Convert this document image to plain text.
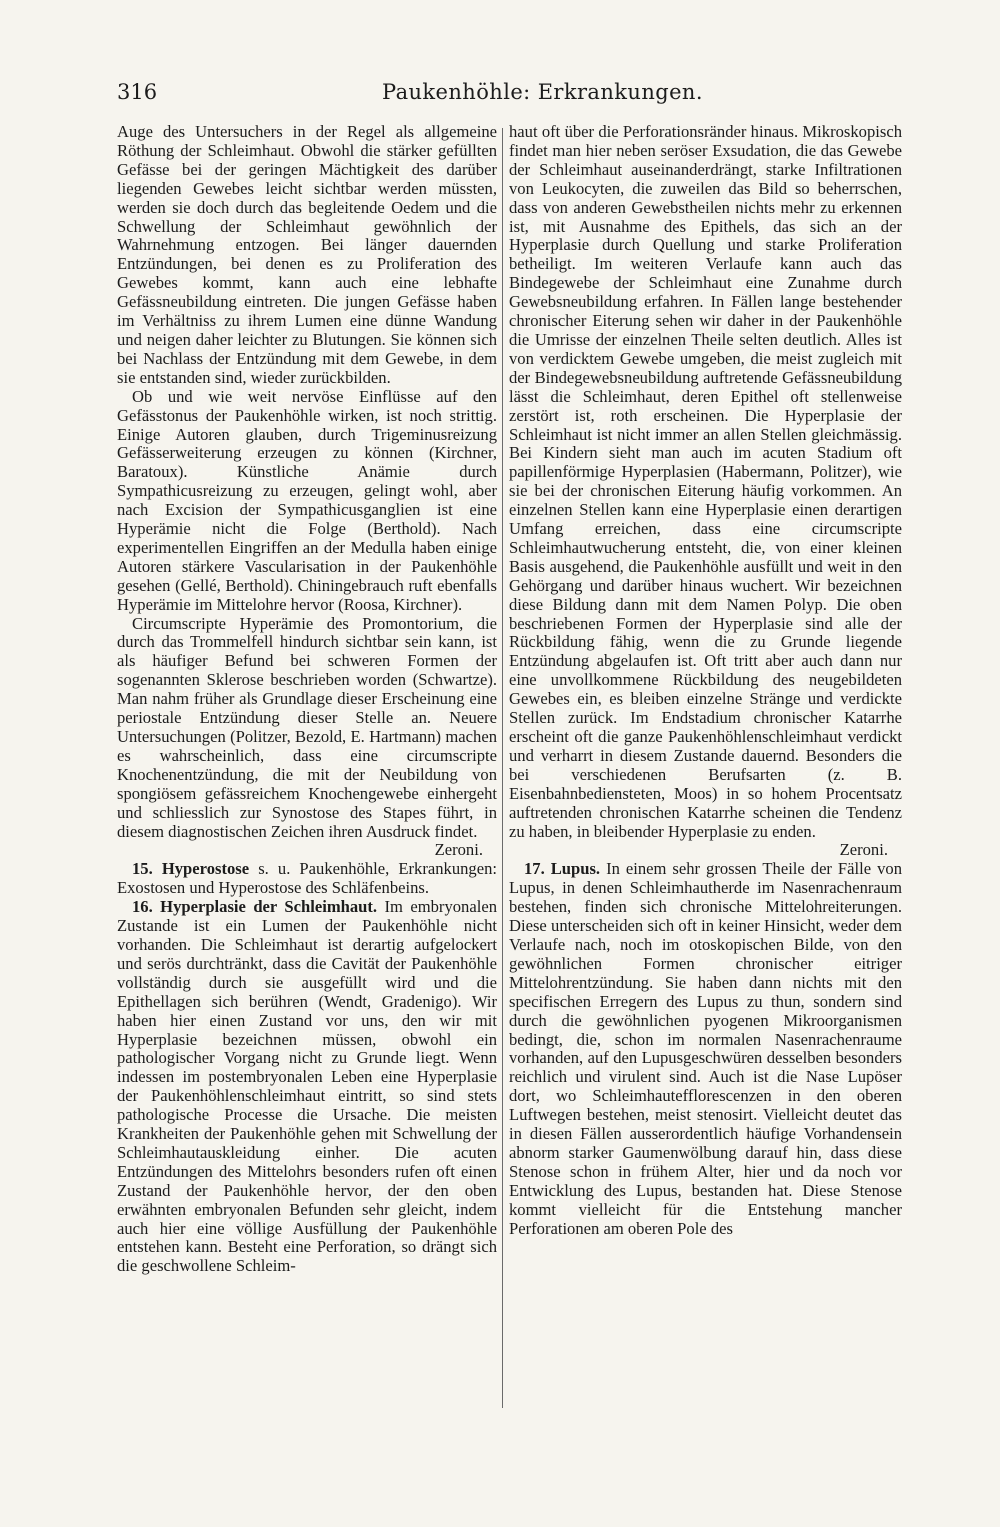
316	Paukenhöhle: Erkrankungen.

Auge des Untersuchers in der Regel als allgemeine Röthung der Schleimhaut. Obwohl die stärker gefüllten Gefässe bei der geringen Mächtigkeit des darüber liegenden Gewebes leicht sichtbar werden müssten, werden sie doch durch das begleitende Oedem und die Schwellung der Schleimhaut gewöhnlich der Wahrnehmung entzogen. Bei länger dauernden Entzündungen, bei denen es zu Proliferation des Gewebes kommt, kann auch eine lebhafte Gefässneubildung eintreten. Die jungen Gefässe haben im Verhältniss zu ihrem Lumen eine dünne Wandung und neigen daher leichter zu Blutungen. Sie können sich bei Nachlass der Entzündung mit dem Gewebe, in dem sie entstanden sind, wieder zurückbilden.

Ob und wie weit nervöse Einflüsse auf den Gefässtonus der Paukenhöhle wirken, ist noch strittig. Einige Autoren glauben, durch Trigeminusreizung Gefässerweiterung erzeugen zu können (Kirchner, Baratoux). Künstliche Anämie durch Sympathicusreizung zu erzeugen, gelingt wohl, aber nach Excision der Sympathicusganglien ist eine Hyperämie nicht die Folge (Berthold). Nach experimentellen Eingriffen an der Medulla haben einige Autoren stärkere Vascularisation in der Paukenhöhle gesehen (Gellé, Berthold). Chiningebrauch ruft ebenfalls Hyperämie im Mittelohre hervor (Roosa, Kirchner).

Circumscripte Hyperämie des Promontorium, die durch das Trommelfell hindurch sichtbar sein kann, ist als häufiger Befund bei schweren Formen der sogenannten Sklerose beschrieben worden (Schwartze). Man nahm früher als Grundlage dieser Erscheinung eine periostale Entzündung dieser Stelle an. Neuere Untersuchungen (Politzer, Bezold, E. Hartmann) machen es wahrscheinlich, dass eine circumscripte Knochenentzündung, die mit der Neubildung von spongiösem gefässreichem Knochengewebe einhergeht und schliesslich zur Synostose des Stapes führt, in diesem diagnostischen Zeichen ihren Ausdruck findet.

Zeroni.

15. Hyperostose s. u. Paukenhöhle, Erkrankungen: Exostosen und Hyperostose des Schläfenbeins.

16. Hyperplasie der Schleimhaut. Im embryonalen Zustande ist ein Lumen der Paukenhöhle nicht vorhanden. Die Schleimhaut ist derartig aufgelockert und serös durchtränkt, dass die Cavität der Paukenhöhle vollständig durch sie ausgefüllt wird und die Epithellagen sich berühren (Wendt, Gradenigo). Wir haben hier einen Zustand vor uns, den wir mit Hyperplasie bezeichnen müssen, obwohl ein pathologischer Vorgang nicht zu Grunde liegt. Wenn indessen im postembryonalen Leben eine Hyperplasie der Paukenhöhlenschleimhaut eintritt, so sind stets pathologische Processe die Ursache. Die meisten Krankheiten der Paukenhöhle gehen mit Schwellung der Schleimhautauskleidung einher. Die acuten Entzündungen des Mittelohrs besonders rufen oft einen Zustand der Paukenhöhle hervor, der den oben erwähnten embryonalen Befunden sehr gleicht, indem auch hier eine völlige Ausfüllung der Paukenhöhle entstehen kann. Besteht eine Perforation, so drängt sich die geschwollene Schleim-

haut oft über die Perforationsränder hinaus. Mikroskopisch findet man hier neben seröser Exsudation, die das Gewebe der Schleimhaut auseinanderdrängt, starke Infiltrationen von Leukocyten, die zuweilen das Bild so beherrschen, dass von anderen Gewebstheilen nichts mehr zu erkennen ist, mit Ausnahme des Epithels, das sich an der Hyperplasie durch Quellung und starke Proliferation betheiligt. Im weiteren Verlaufe kann auch das Bindegewebe der Schleimhaut eine Zunahme durch Gewebsneubildung erfahren. In Fällen lange bestehender chronischer Eiterung sehen wir daher in der Paukenhöhle die Umrisse der einzelnen Theile selten deutlich. Alles ist von verdicktem Gewebe umgeben, die meist zugleich mit der Bindegewebsneubildung auftretende Gefässneubildung lässt die Schleimhaut, deren Epithel oft stellenweise zerstört ist, roth erscheinen. Die Hyperplasie der Schleimhaut ist nicht immer an allen Stellen gleichmässig. Bei Kindern sieht man auch im acuten Stadium oft papillenförmige Hyperplasien (Habermann, Politzer), wie sie bei der chronischen Eiterung häufig vorkommen. An einzelnen Stellen kann eine Hyperplasie einen derartigen Umfang erreichen, dass eine circumscripte Schleimhautwucherung entsteht, die, von einer kleinen Basis ausgehend, die Paukenhöhle ausfüllt und weit in den Gehörgang und darüber hinaus wuchert. Wir bezeichnen diese Bildung dann mit dem Namen Polyp. Die oben beschriebenen Formen der Hyperplasie sind alle der Rückbildung fähig, wenn die zu Grunde liegende Entzündung abgelaufen ist. Oft tritt aber auch dann nur eine unvollkommene Rückbildung des neugebildeten Gewebes ein, es bleiben einzelne Stränge und verdickte Stellen zurück. Im Endstadium chronischer Katarrhe erscheint oft die ganze Paukenhöhlenschleimhaut verdickt und verharrt in diesem Zustande dauernd. Besonders die bei verschiedenen Berufsarten (z. B. Eisenbahnbediensteten, Moos) in so hohem Procentsatz auftretenden chronischen Katarrhe scheinen die Tendenz zu haben, in bleibender Hyperplasie zu enden.

Zeroni.

17. Lupus. In einem sehr grossen Theile der Fälle von Lupus, in denen Schleimhautherde im Nasenrachenraum bestehen, finden sich chronische Mittelohreiterungen. Diese unterscheiden sich oft in keiner Hinsicht, weder dem Verlaufe nach, noch im otoskopischen Bilde, von den gewöhnlichen Formen chronischer eitriger Mittelohrentzündung. Sie haben dann nichts mit den specifischen Erregern des Lupus zu thun, sondern sind durch die gewöhnlichen pyogenen Mikroorganismen bedingt, die, schon im normalen Nasenrachenraume vorhanden, auf den Lupusgeschwüren desselben besonders reichlich und virulent sind. Auch ist die Nase Lupöser dort, wo Schleimhautefflorescenzen in den oberen Luftwegen bestehen, meist stenosirt. Vielleicht deutet das in diesen Fällen ausserordentlich häufige Vorhandensein abnorm starker Gaumenwölbung darauf hin, dass diese Stenose schon in frühem Alter, hier und da noch vor Entwicklung des Lupus, bestanden hat. Diese Stenose kommt vielleicht für die Entstehung mancher Perforationen am oberen Pole des
